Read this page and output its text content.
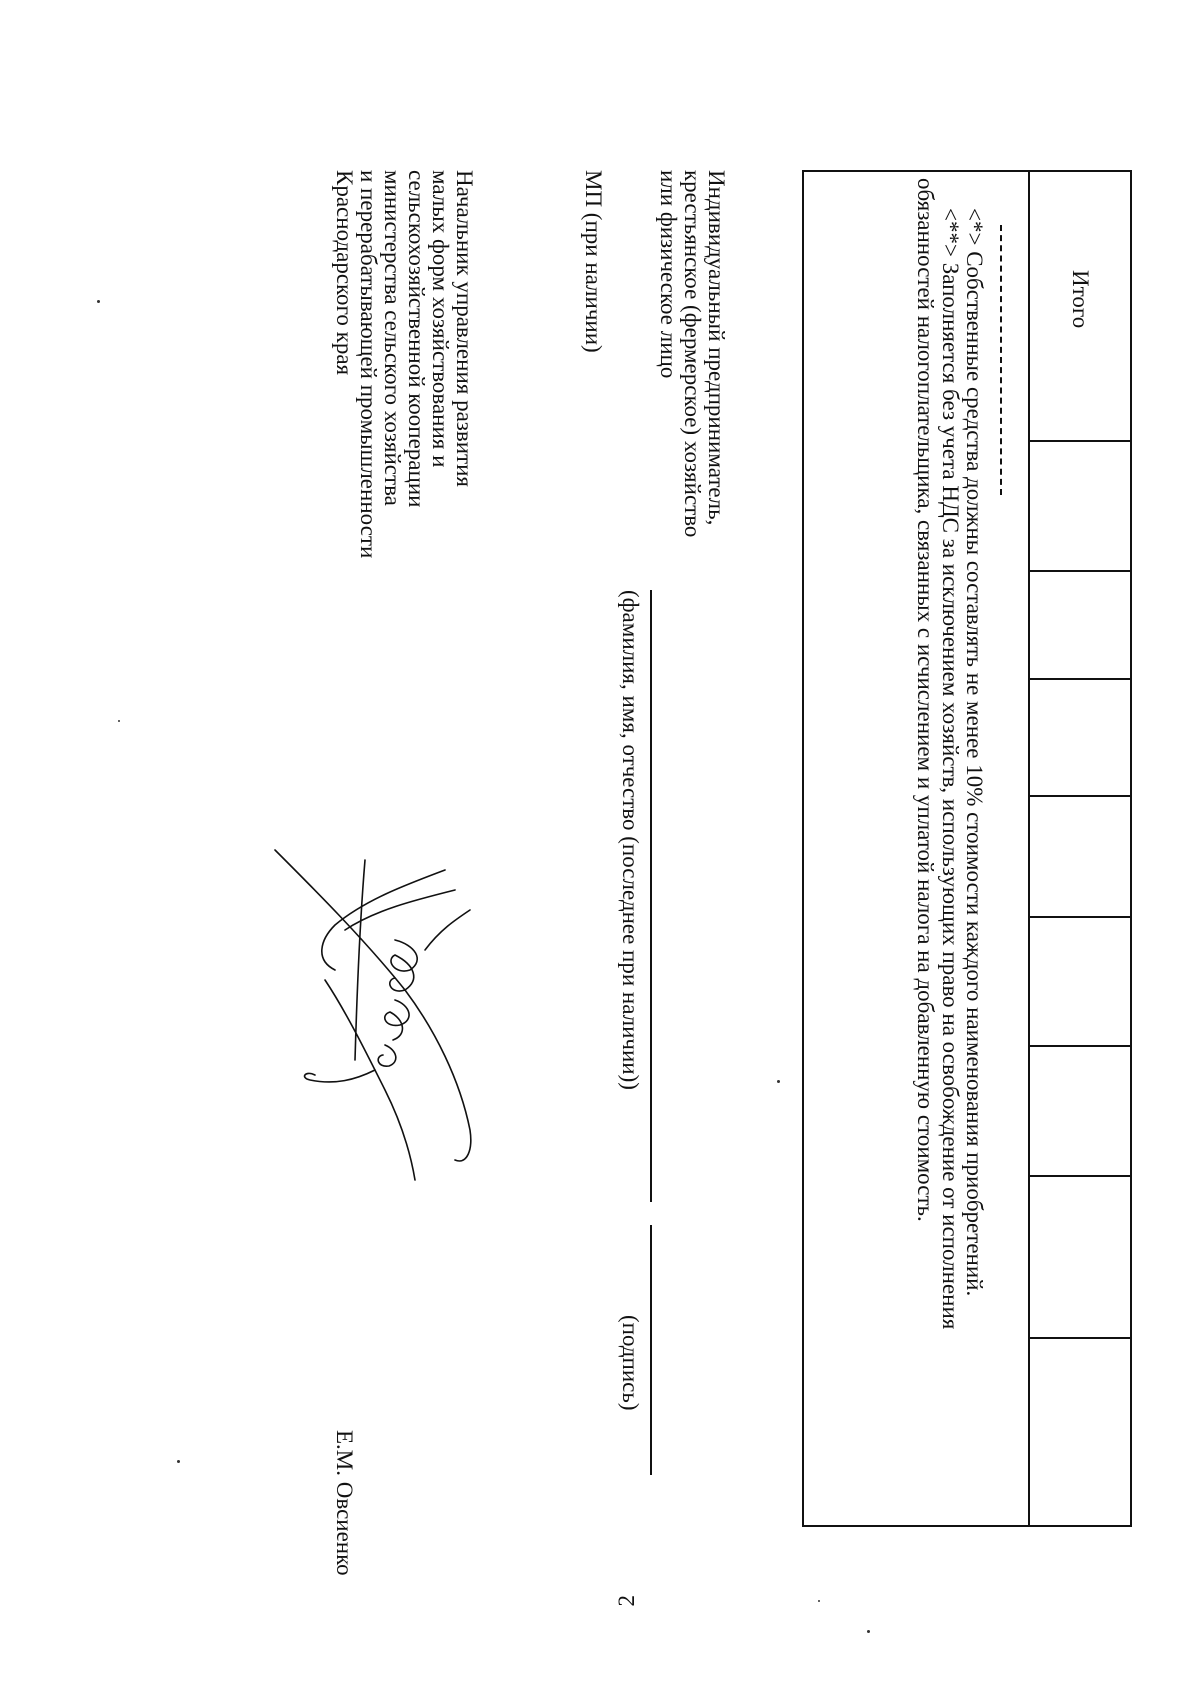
Итого
<*> Собственные средства должны составлять не менее 10% стоимости каждого наименования приобретений.
<**> Заполняется без учета НДС за исключением хозяйств, использующих право на освобождение от исполнения
обязанностей налогоплательщика, связанных с исчислением и уплатой налога на добавленную стоимость.
Индивидуальный предприниматель,
крестьянское (фермерское) хозяйство
или физическое лицо
(фамилия, имя, отчество (последнее при наличии))
(подпись)
МП (при наличии)
Начальник управления развития
малых форм хозяйствования и
сельскохозяйственной кооперации
министерства сельского хозяйства
и перерабатывающей промышленности
Краснодарского края
Е.М. Овсиенко
2
